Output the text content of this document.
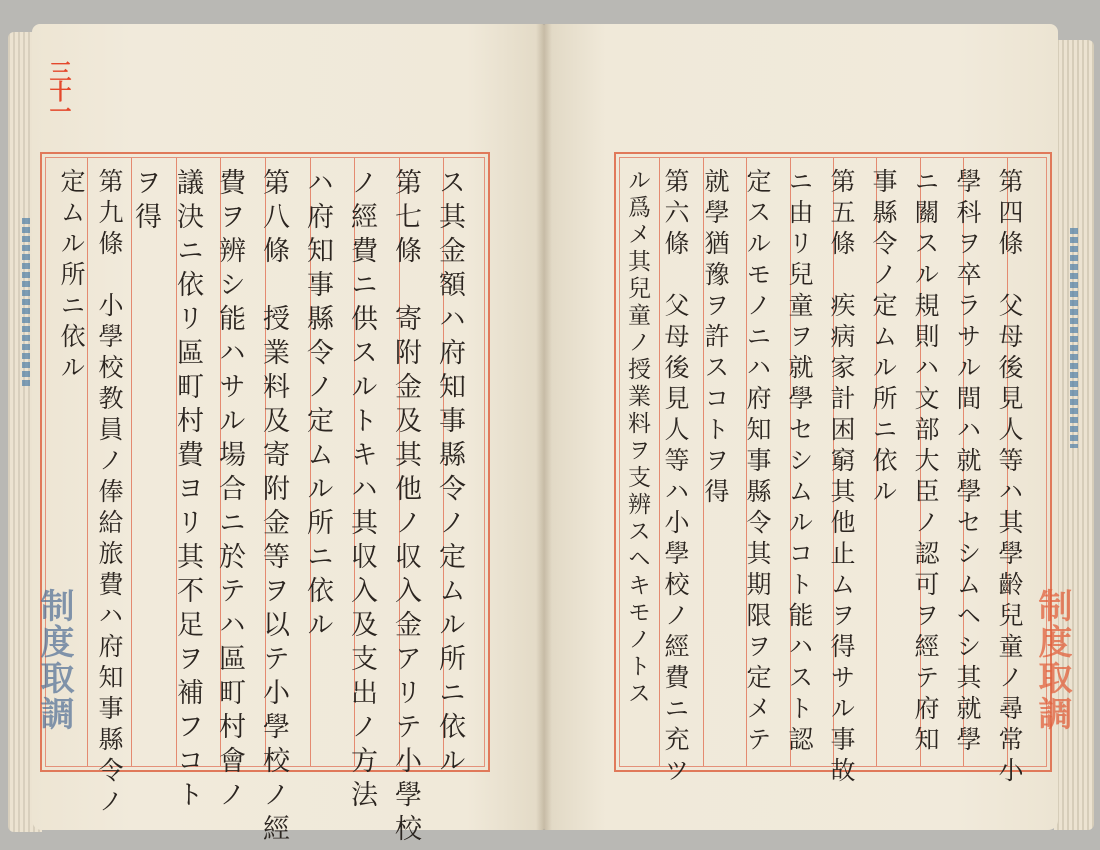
三十一
ス其金額ハ府知事縣令ノ定ムル所ニ依ル
第七條　寄附金及其他ノ収入金アリテ小學校
ノ經費ニ供スルトキハ其収入及支出ノ方法
ハ府知事縣令ノ定ムル所ニ依ル
第八條　授業料及寄附金等ヲ以テ小學校ノ經
費ヲ辨シ能ハサル場合ニ於テハ區町村會ノ
議決ニ依リ區町村費ヨリ其不足ヲ補フコト
ヲ得
第九條　小學校教員ノ俸給旅費ハ府知事縣令ノ
定ムル所ニ依ル	第四條　父母後見人等ハ其學齡兒童ノ尋常小
學科ヲ卒ラサル間ハ就學セシムヘシ其就學
ニ關スル規則ハ文部大臣ノ認可ヲ經テ府知
事縣令ノ定ムル所ニ依ル
第五條　疾病家計困窮其他止ムヲ得サル事故
ニ由リ兒童ヲ就學セシムルコト能ハスト認
定スルモノニハ府知事縣令其期限ヲ定メテ
就學猶豫ヲ許スコトヲ得
第六條　父母後見人等ハ小學校ノ經費ニ充ツ
ル爲メ其兒童ノ授業料ヲ支辨スヘキモノトス
制度取調	制度取調
